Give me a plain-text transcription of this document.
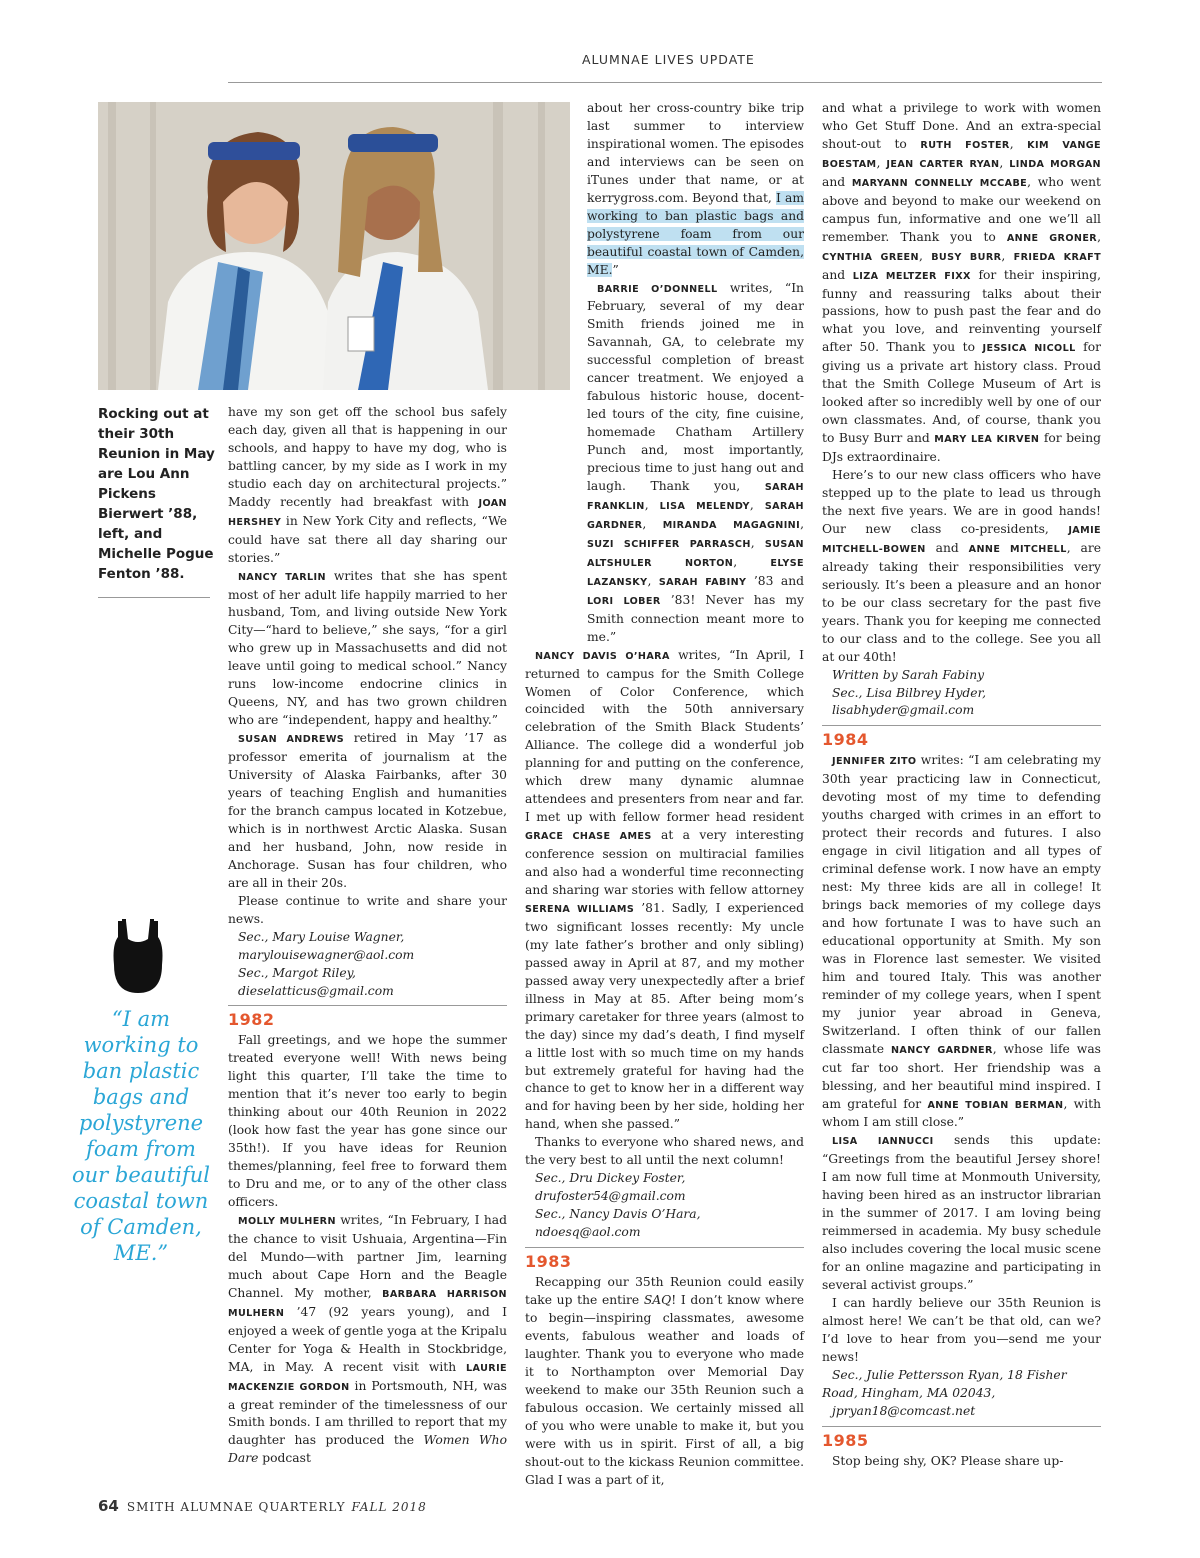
ALUMNAE LIVES UPDATE
Rocking out at their 30th Reunion in May are Lou Ann Pickens Bierwert ’88, left, and Michelle Pogue Fenton ’88.
“I am working to ban plastic bags and polystyrene foam from our beautiful coastal town of Camden, ME.”

have my son get off the school bus safely each day, given all that is happening in our schools, and happy to have my dog, who is battling cancer, by my side as I work in my studio each day on architectural projects.” Maddy recently had breakfast with JOAN HERSHEY in New York City and reflects, “We could have sat there all day sharing our stories.”

NANCY TARLIN writes that she has spent most of her adult life happily married to her husband, Tom, and living outside New York City—“hard to believe,” she says, “for a girl who grew up in Massachusetts and did not leave until going to medical school.” Nancy runs low-income endocrine clinics in Queens, NY, and has two grown children who are “independent, happy and healthy.”

SUSAN ANDREWS retired in May ’17 as professor emerita of journalism at the University of Alaska Fairbanks, after 30 years of teaching English and humanities for the branch campus located in Kotzebue, which is in northwest Arctic Alaska. Susan and her husband, John, now reside in Anchorage. Susan has four children, who are all in their 20s.

Please continue to write and share your news.

Sec., Mary Louise Wagner,
marylouisewagner@aol.com
Sec., Margot Riley,
dieselatticus@gmail.com
1982

Fall greetings, and we hope the summer treated everyone well! With news being light this quarter, I’ll take the time to mention that it’s never too early to begin thinking about our 40th Reunion in 2022 (look how fast the year has gone since our 35th!). If you have ideas for Reunion themes/planning, feel free to forward them to Dru and me, or to any of the other class officers.

MOLLY MULHERN writes, “In February, I had the chance to visit Ushuaia, Argentina—Fin del Mundo—with partner Jim, learning much about Cape Horn and the Beagle Channel. My mother, BARBARA HARRISON MULHERN ’47 (92 years young), and I enjoyed a week of gentle yoga at the Kripalu Center for Yoga & Health in Stockbridge, MA, in May. A recent visit with LAURIE MACKENZIE GORDON in Portsmouth, NH, was a great reminder of the timelessness of our Smith bonds. I am thrilled to report that my daughter has produced the Women Who Dare podcast

about her cross-country bike trip last summer to interview inspirational women. The episodes and interviews can be seen on iTunes under that name, or at kerrygross.com. Beyond that, I am working to ban plastic bags and polystyrene foam from our beautiful coastal town of Camden, ME.”

BARRIE O’DONNELL writes, “In February, several of my dear Smith friends joined me in Savannah, GA, to celebrate my successful completion of breast cancer treatment. We enjoyed a fabulous historic house, docent-led tours of the city, fine cuisine, homemade Chatham Artillery Punch and, most importantly, precious time to just hang out and laugh. Thank you, SARAH FRANKLIN, LISA MELENDY, SARAH GARDNER, MIRANDA MAGAGNINI, SUZI SCHIFFER PARRASCH, SUSAN ALTSHULER NORTON, ELYSE LAZANSKY, SARAH FABINY ’83 and LORI LOBER ’83! Never has my Smith connection meant more to me.”

NANCY DAVIS O’HARA writes, “In April, I returned to campus for the Smith College Women of Color Conference, which coincided with the 50th anniversary celebration of the Smith Black Students’ Alliance. The college did a wonderful job planning for and putting on the conference, which drew many dynamic alumnae attendees and presenters from near and far. I met up with fellow former head resident GRACE CHASE AMES at a very interesting conference session on multiracial families and also had a wonderful time reconnecting and sharing war stories with fellow attorney SERENA WILLIAMS ’81. Sadly, I experienced two significant losses recently: My uncle (my late father’s brother and only sibling) passed away in April at 87, and my mother passed away very unexpectedly after a brief illness in May at 85. After being mom’s primary caretaker for three years (almost to the day) since my dad’s death, I find myself a little lost with so much time on my hands but extremely grateful for having had the chance to get to know her in a different way and for having been by her side, holding her hand, when she passed.”

Thanks to everyone who shared news, and the very best to all until the next column!

Sec., Dru Dickey Foster,
drufoster54@gmail.com
Sec., Nancy Davis O’Hara,
ndoesq@aol.com
1983

Recapping our 35th Reunion could easily take up the entire SAQ! I don’t know where to begin—inspiring classmates, awesome events, fabulous weather and loads of laughter. Thank you to everyone who made it to Northampton over Memorial Day weekend to make our 35th Reunion such a fabulous occasion. We certainly missed all of you who were unable to make it, but you were with us in spirit. First of all, a big shout-out to the kickass Reunion committee. Glad I was a part of it,

and what a privilege to work with women who Get Stuff Done. And an extra-special shout-out to RUTH FOSTER, KIM VANGE BOESTAM, JEAN CARTER RYAN, LINDA MORGAN and MARYANN CONNELLY MCCABE, who went above and beyond to make our weekend on campus fun, informative and one we’ll all remember. Thank you to ANNE GRONER, CYNTHIA GREEN, BUSY BURR, FRIEDA KRAFT and LIZA MELTZER FIXX for their inspiring, funny and reassuring talks about their passions, how to push past the fear and do what you love, and reinventing yourself after 50. Thank you to JESSICA NICOLL for giving us a private art history class. Proud that the Smith College Museum of Art is looked after so incredibly well by one of our own classmates. And, of course, thank you to Busy Burr and MARY LEA KIRVEN for being DJs extraordinaire.

Here’s to our new class officers who have stepped up to the plate to lead us through the next five years. We are in good hands! Our new class co-presidents, JAMIE MITCHELL-BOWEN and ANNE MITCHELL, are already taking their responsibilities very seriously. It’s been a pleasure and an honor to be our class secretary for the past five years. Thank you for keeping me connected to our class and to the college. See you all at our 40th!

Written by Sarah Fabiny
Sec., Lisa Bilbrey Hyder,
lisabhyder@gmail.com
1984

JENNIFER ZITO writes: “I am celebrating my 30th year practicing law in Connecticut, devoting most of my time to defending youths charged with crimes in an effort to protect their records and futures. I also engage in civil litigation and all types of criminal defense work. I now have an empty nest: My three kids are all in college! It brings back memories of my college days and how fortunate I was to have such an educational opportunity at Smith. My son was in Florence last semester. We visited him and toured Italy. This was another reminder of my college years, when I spent my junior year abroad in Geneva, Switzerland. I often think of our fallen classmate NANCY GARDNER, whose life was cut far too short. Her friendship was a blessing, and her beautiful mind inspired. I am grateful for ANNE TOBIAN BERMAN, with whom I am still close.”

LISA IANNUCCI sends this update: “Greetings from the beautiful Jersey shore! I am now full time at Monmouth University, having been hired as an instructor librarian in the summer of 2017. I am loving being reimmersed in academia. My busy schedule also includes covering the local music scene for an online magazine and participating in several activist groups.”

I can hardly believe our 35th Reunion is almost here! We can’t be that old, can we? I’d love to hear from you—send me your news!

Sec., Julie Pettersson Ryan, 18 Fisher Road, Hingham, MA 02043,
jpryan18@comcast.net
1985

Stop being shy, OK? Please share up-

64 SMITH ALUMNAE QUARTERLY FALL 2018
